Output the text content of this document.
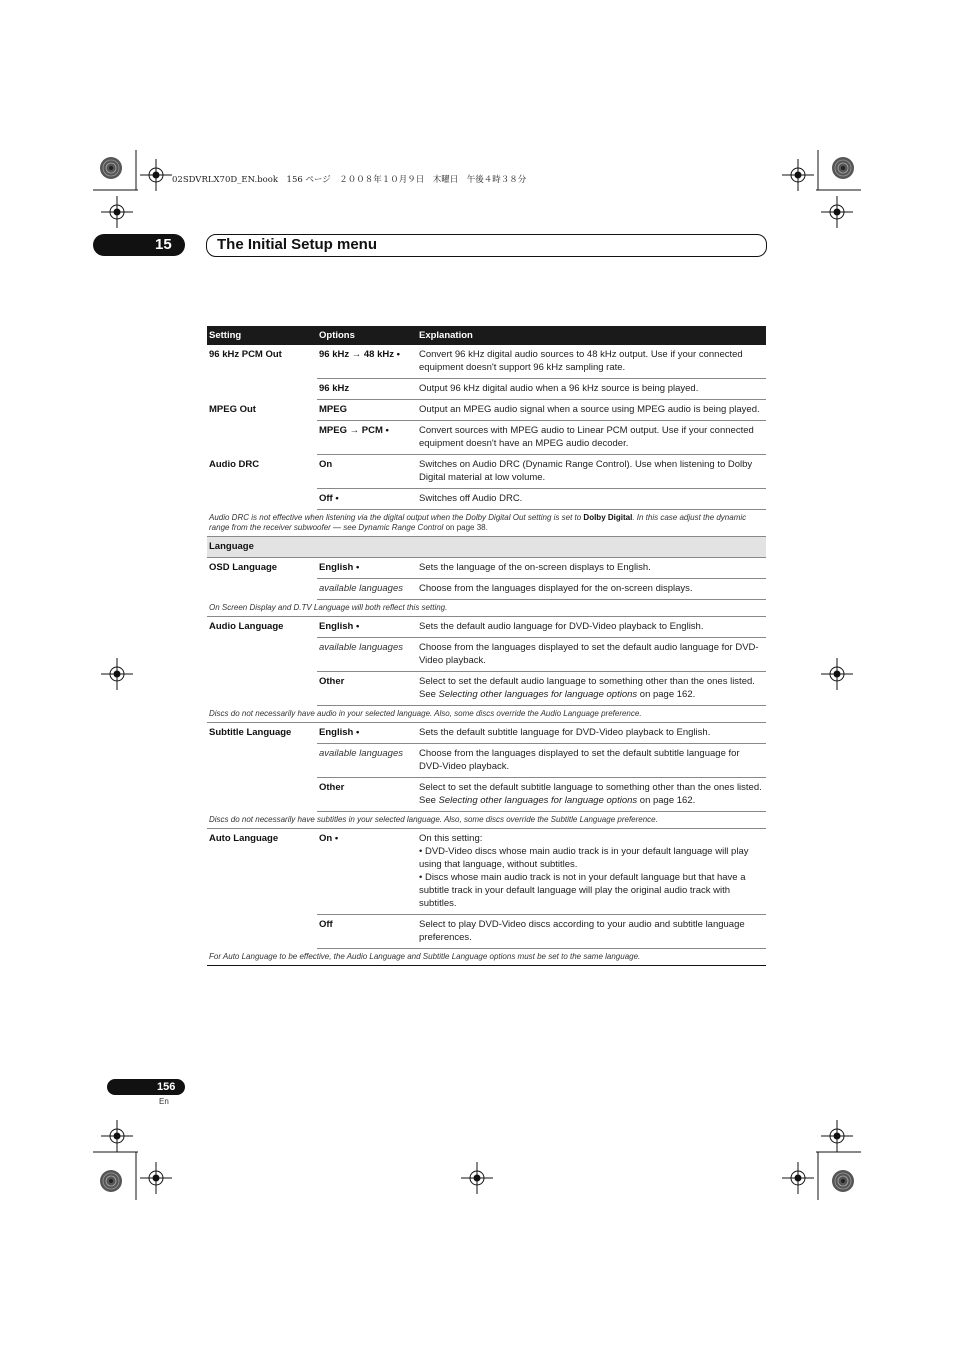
02SDVRLX70D_EN.book　156 ページ　２００８年１０月９日　木曜日　午後４時３８分
15	The Initial Setup menu
Setting	Options	Explanation
96 kHz PCM Out	96 kHz → 48 kHz •	Convert 96 kHz digital audio sources to 48 kHz output. Use if your connected equipment doesn't support 96 kHz sampling rate.
	96 kHz	Output 96 kHz digital audio when a 96 kHz source is being played.
MPEG Out	MPEG	Output an MPEG audio signal when a source using MPEG audio is being played.
	MPEG → PCM •	Convert sources with MPEG audio to Linear PCM output. Use if your connected equipment doesn't have an MPEG audio decoder.
Audio DRC	On	Switches on Audio DRC (Dynamic Range Control). Use when listening to Dolby Digital material at low volume.
	Off •	Switches off Audio DRC.
Audio DRC is not effective when listening via the digital output when the Dolby Digital Out setting is set to Dolby Digital. In this case adjust the dynamic range from the receiver subwoofer — see Dynamic Range Control on page 38.		
Language		
OSD Language	English •	Sets the language of the on-screen displays to English.
	available languages	Choose from the languages displayed for the on-screen displays.
On Screen Display and D.TV Language will both reflect this setting.		
Audio Language	English •	Sets the default audio language for DVD-Video playback to English.
	available languages	Choose from the languages displayed to set the default audio language for DVD-Video playback.
	Other	Select to set the default audio language to something other than the ones listed. See Selecting other languages for language options on page 162.
Discs do not necessarily have audio in your selected language. Also, some discs override the Audio Language preference.		
Subtitle Language	English •	Sets the default subtitle language for DVD-Video playback to English.
	available languages	Choose from the languages displayed to set the default subtitle language for DVD-Video playback.
	Other	Select to set the default subtitle language to something other than the ones listed. See Selecting other languages for language options on page 162.
Discs do not necessarily have subtitles in your selected language. Also, some discs override the Subtitle Language preference.		
Auto Language	On •	On this setting:
• DVD-Video discs whose main audio track is in your default language will play using that language, without subtitles.
• Discs whose main audio track is not in your default language but that have a subtitle track in your default language will play the original audio track with subtitles.

	Off	Select to play DVD-Video discs according to your audio and subtitle language preferences.
For Auto Language to be effective, the Audio Language and Subtitle Language options must be set to the same language.		
156
En
